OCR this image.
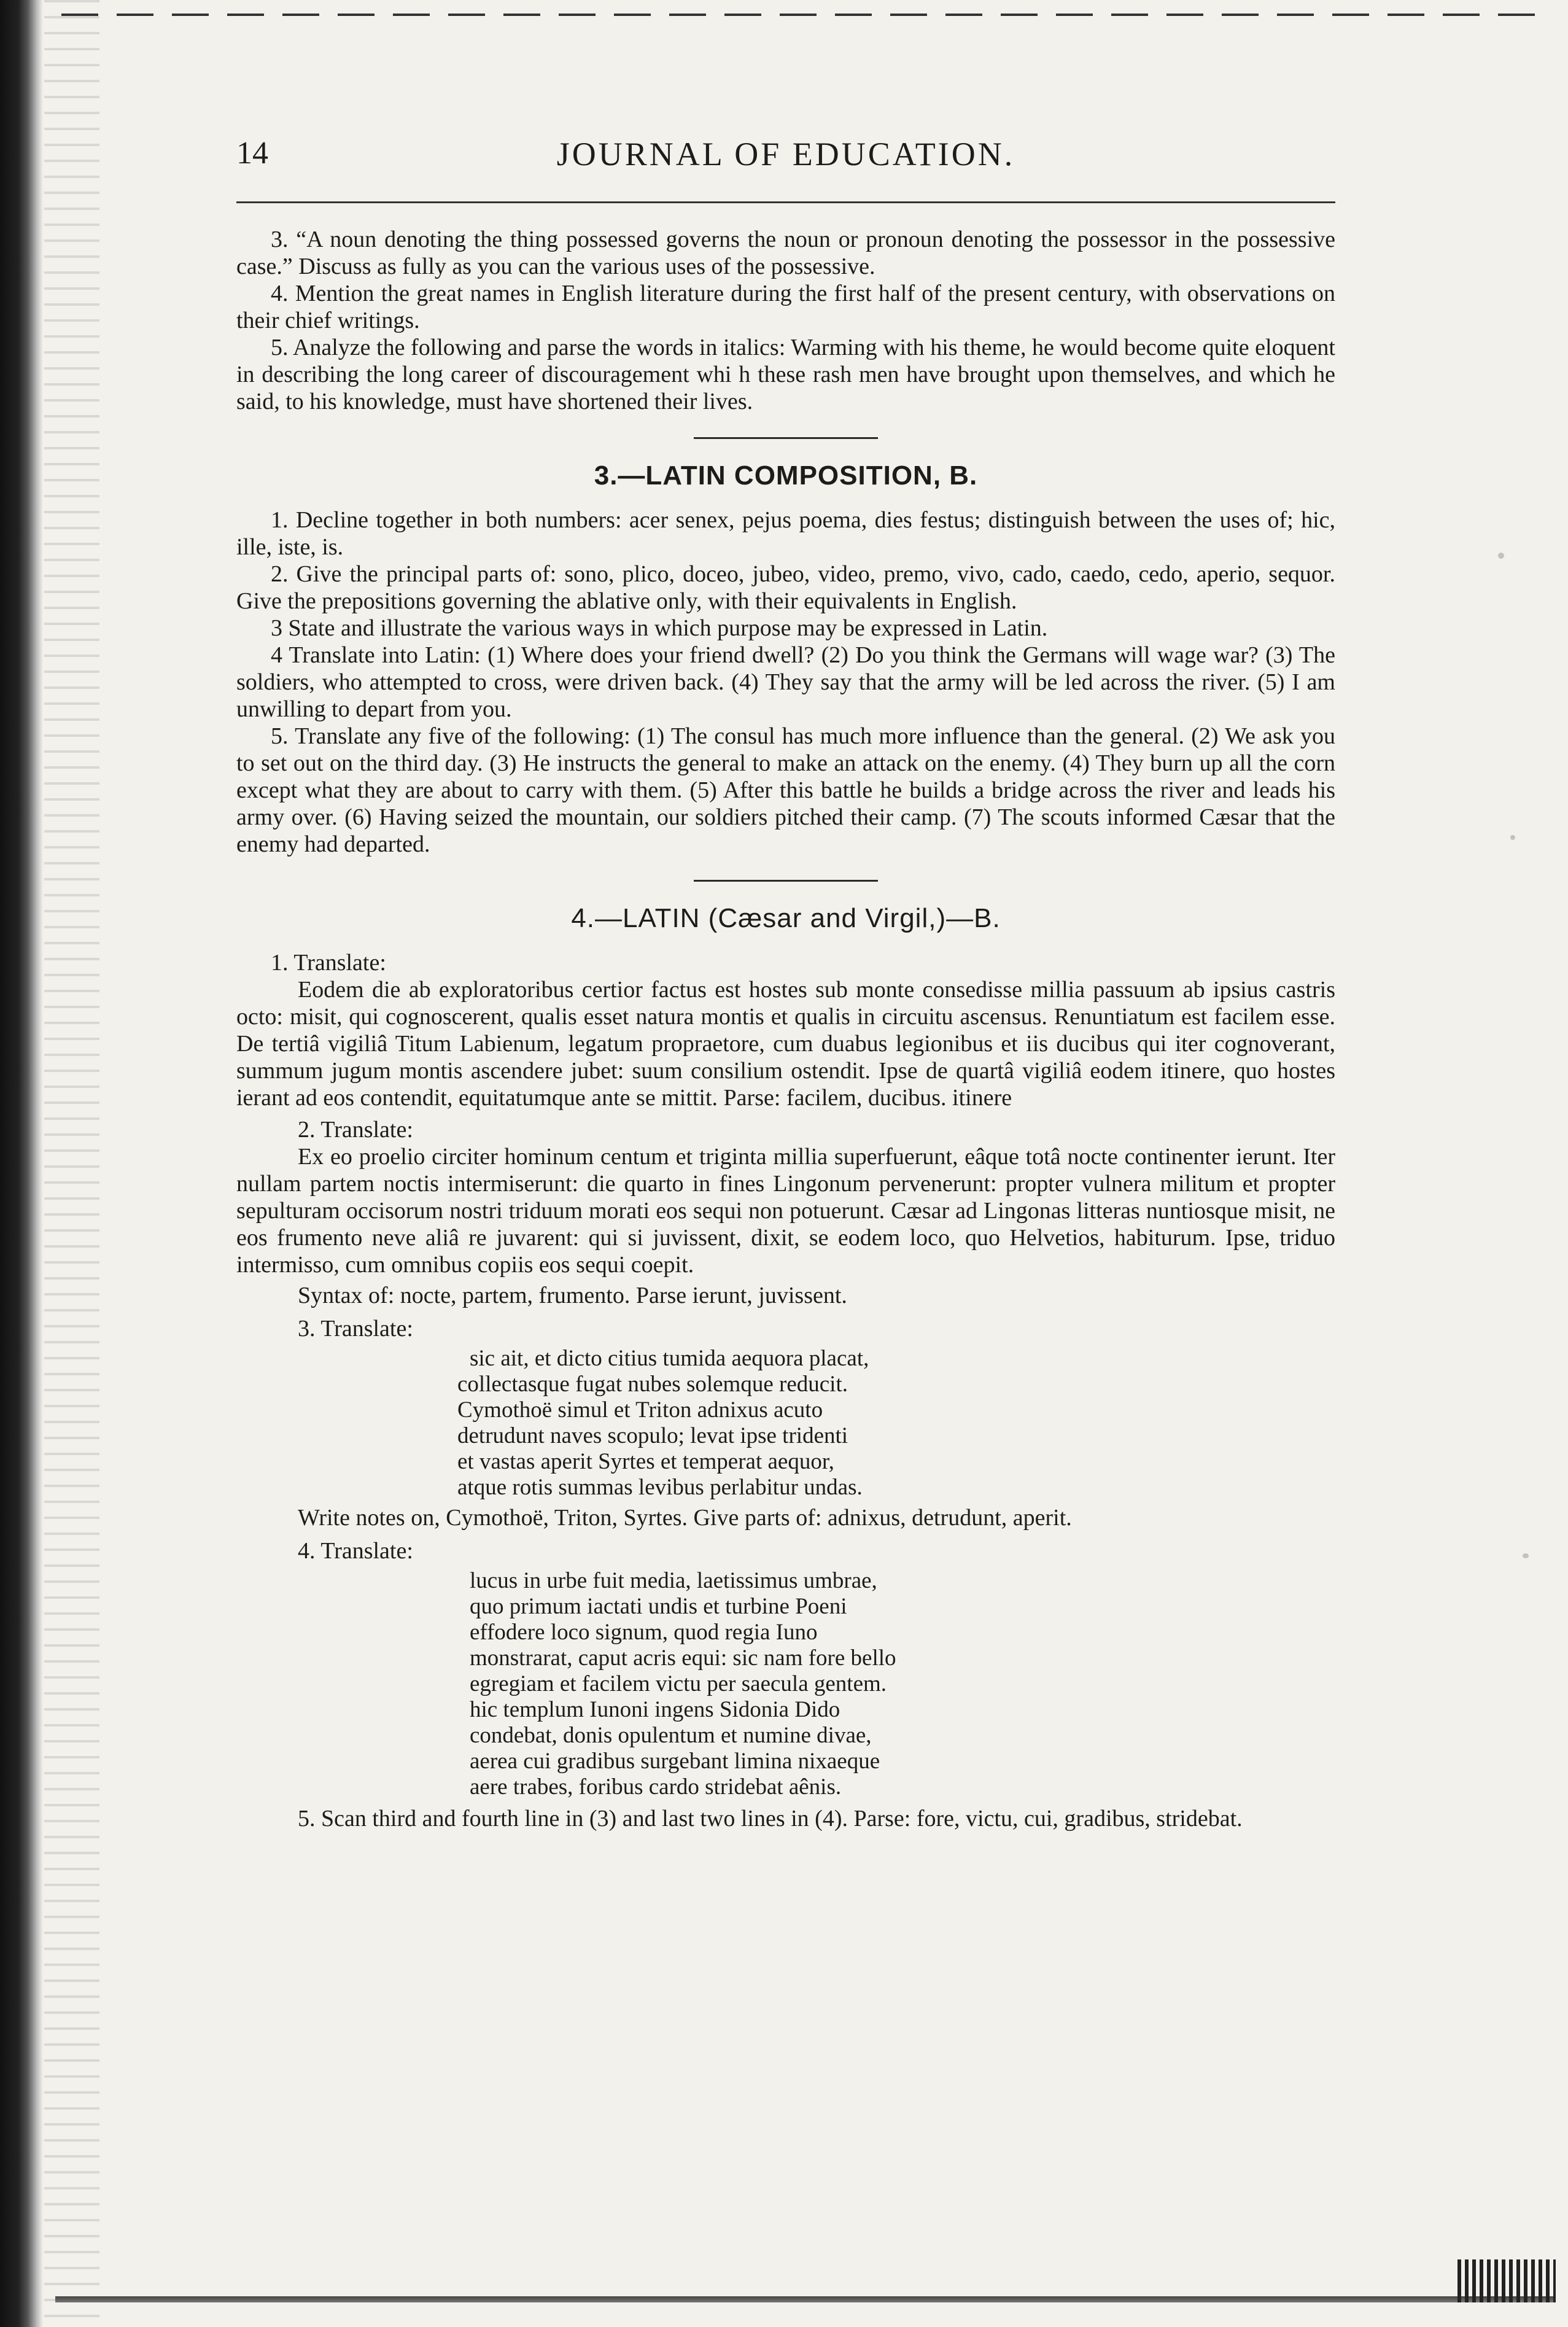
14	JOURNAL OF EDUCATION.

3. “A noun denoting the thing possessed governs the noun or pronoun denoting the possessor in the possessive case.” Discuss as fully as you can the various uses of the possessive.

4. Mention the great names in English literature during the first half of the present century, with observations on their chief writings.

5. Analyze the following and parse the words in italics: Warming with his theme, he would become quite eloquent in describing the long career of discouragement whi h these rash men have brought upon themselves, and which he said, to his knowledge, must have shortened their lives.

3.—LATIN COMPOSITION, B.

1. Decline together in both numbers: acer senex, pejus poema, dies festus; distinguish between the uses of; hic, ille, iste, is.

2. Give the principal parts of: sono, plico, doceo, jubeo, video, premo, vivo, cado, caedo, cedo, aperio, sequor. Give the prepositions governing the ablative only, with their equivalents in English.

3 State and illustrate the various ways in which purpose may be expressed in Latin.

4 Translate into Latin: (1) Where does your friend dwell? (2) Do you think the Germans will wage war? (3) The soldiers, who attempted to cross, were driven back. (4) They say that the army will be led across the river. (5) I am unwilling to depart from you.

5. Translate any five of the following: (1) The consul has much more influence than the general. (2) We ask you to set out on the third day. (3) He instructs the general to make an attack on the enemy. (4) They burn up all the corn except what they are about to carry with them. (5) After this battle he builds a bridge across the river and leads his army over. (6) Having seized the mountain, our soldiers pitched their camp. (7) The scouts informed Cæsar that the enemy had departed.

4.—LATIN (Cæsar and Virgil,)—B.

1. Translate:

Eodem die ab exploratoribus certior factus est hostes sub monte consedisse millia passuum ab ipsius castris octo: misit, qui cognoscerent, qualis esset natura montis et qualis in circuitu ascensus. Renuntiatum est facilem esse. De tertiâ vigiliâ Titum Labienum, legatum propraetore, cum duabus legionibus et iis ducibus qui iter cognoverant, summum jugum montis ascendere jubet: suum consilium ostendit. Ipse de quartâ vigiliâ eodem itinere, quo hostes ierant ad eos contendit, equitatumque ante se mittit. Parse: facilem, ducibus. itinere

2. Translate:

Ex eo proelio circiter hominum centum et triginta millia superfuerunt, eâque totâ nocte continenter ierunt. Iter nullam partem noctis intermiserunt: die quarto in fines Lingonum pervenerunt: propter vulnera militum et propter sepulturam occisorum nostri triduum morati eos sequi non potuerunt. Cæsar ad Lingonas litteras nuntiosque misit, ne eos frumento neve aliâ re juvarent: qui si juvissent, dixit, se eodem loco, quo Helvetios, habiturum. Ipse, triduo intermisso, cum omnibus copiis eos sequi coepit.

Syntax of: nocte, partem, frumento. Parse ierunt, juvissent.

3. Translate:

sic ait, et dicto citius tumida aequora placat,
collectasque fugat nubes solemque reducit.
Cymothoë simul et Triton adnixus acuto
detrudunt naves scopulo; levat ipse tridenti
et vastas aperit Syrtes et temperat aequor,
atque rotis summas levibus perlabitur undas.

Write notes on, Cymothoë, Triton, Syrtes. Give parts of: adnixus, detrudunt, aperit.

4. Translate:

lucus in urbe fuit media, laetissimus umbrae,
quo primum iactati undis et turbine Poeni
effodere loco signum, quod regia Iuno
monstrarat, caput acris equi: sic nam fore bello
egregiam et facilem victu per saecula gentem.
hic templum Iunoni ingens Sidonia Dido
condebat, donis opulentum et numine divae,
aerea cui gradibus surgebant limina nixaeque
aere trabes, foribus cardo stridebat aênis.

5. Scan third and fourth line in (3) and last two lines in (4). Parse: fore, victu, cui, gradibus, stridebat.
